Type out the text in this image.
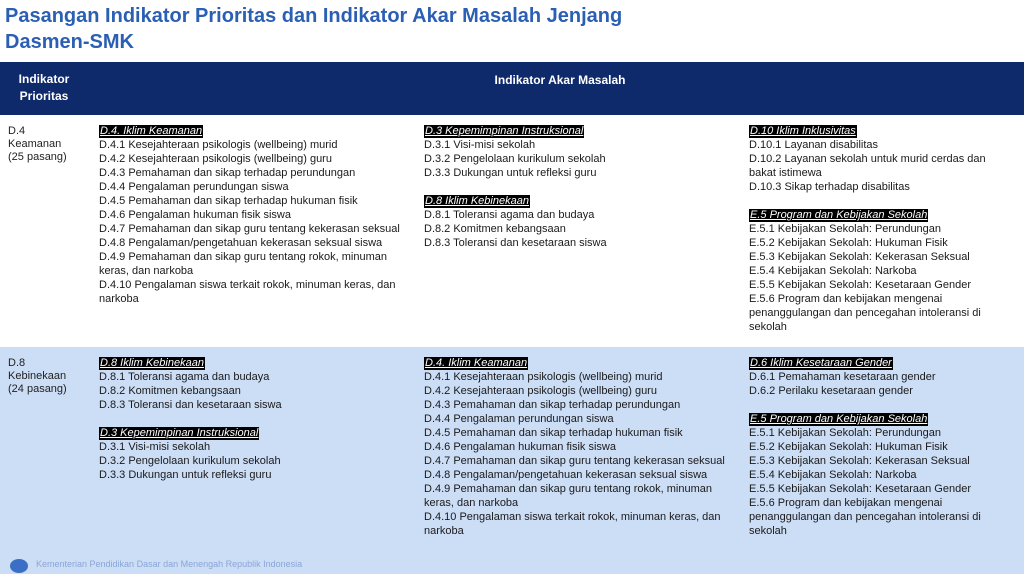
Pasangan Indikator Prioritas dan Indikator Akar Masalah Jenjang Dasmen-SMK
Indikator Prioritas
Indikator Akar Masalah
D.4
Keamanan
(25 pasang)
D.4. Iklim Keamanan
D.4.1 Kesejahteraan psikologis (wellbeing) murid
D.4.2 Kesejahteraan psikologis (wellbeing) guru
D.4.3 Pemahaman dan sikap terhadap perundungan
D.4.4 Pengalaman perundungan siswa
D.4.5 Pemahaman dan sikap terhadap hukuman fisik
D.4.6 Pengalaman hukuman fisik siswa
D.4.7 Pemahaman dan sikap guru tentang kekerasan seksual
D.4.8 Pengalaman/pengetahuan kekerasan seksual siswa
D.4.9 Pemahaman dan sikap guru tentang rokok, minuman keras, dan narkoba
D.4.10 Pengalaman siswa terkait rokok, minuman keras, dan narkoba
D.3 Kepemimpinan Instruksional
D.3.1 Visi-misi sekolah
D.3.2 Pengelolaan kurikulum sekolah
D.3.3 Dukungan untuk refleksi guru
D.8 Iklim Kebinekaan
D.8.1 Toleransi agama dan budaya
D.8.2 Komitmen kebangsaan
D.8.3 Toleransi dan kesetaraan siswa
D.10 Iklim Inklusivitas
D.10.1 Layanan disabilitas
D.10.2 Layanan sekolah untuk murid cerdas dan bakat istimewa
D.10.3 Sikap terhadap disabilitas
E.5 Program dan Kebijakan Sekolah
E.5.1 Kebijakan Sekolah: Perundungan
E.5.2 Kebijakan Sekolah: Hukuman Fisik
E.5.3 Kebijakan Sekolah: Kekerasan Seksual
E.5.4 Kebijakan Sekolah: Narkoba
E.5.5 Kebijakan Sekolah: Kesetaraan Gender
E.5.6 Program dan kebijakan mengenai penanggulangan dan pencegahan intoleransi di sekolah
D.8
Kebinekaan
(24 pasang)
D.8 Iklim Kebinekaan
D.8.1 Toleransi agama dan budaya
D.8.2 Komitmen kebangsaan
D.8.3 Toleransi dan kesetaraan siswa
D.3 Kepemimpinan Instruksional
D.3.1 Visi-misi sekolah
D.3.2 Pengelolaan kurikulum sekolah
D.3.3 Dukungan untuk refleksi guru
D.4. Iklim Keamanan
D.4.1 Kesejahteraan psikologis (wellbeing) murid
D.4.2 Kesejahteraan psikologis (wellbeing) guru
D.4.3 Pemahaman dan sikap terhadap perundungan
D.4.4 Pengalaman perundungan siswa
D.4.5 Pemahaman dan sikap terhadap hukuman fisik
D.4.6 Pengalaman hukuman fisik siswa
D.4.7 Pemahaman dan sikap guru tentang kekerasan seksual
D.4.8 Pengalaman/pengetahuan kekerasan seksual siswa
D.4.9 Pemahaman dan sikap guru tentang rokok, minuman keras, dan narkoba
D.4.10 Pengalaman siswa terkait rokok, minuman keras, dan narkoba
D.6 Iklim Kesetaraan Gender
D.6.1 Pemahaman kesetaraan gender
D.6.2 Perilaku kesetaraan gender
E.5 Program dan Kebijakan Sekolah
E.5.1 Kebijakan Sekolah: Perundungan
E.5.2 Kebijakan Sekolah: Hukuman Fisik
E.5.3 Kebijakan Sekolah: Kekerasan Seksual
E.5.4 Kebijakan Sekolah: Narkoba
E.5.5 Kebijakan Sekolah: Kesetaraan Gender
E.5.6 Program dan kebijakan mengenai penanggulangan dan pencegahan intoleransi di sekolah
Kementerian Pendidikan Dasar dan Menengah Republik Indonesia
